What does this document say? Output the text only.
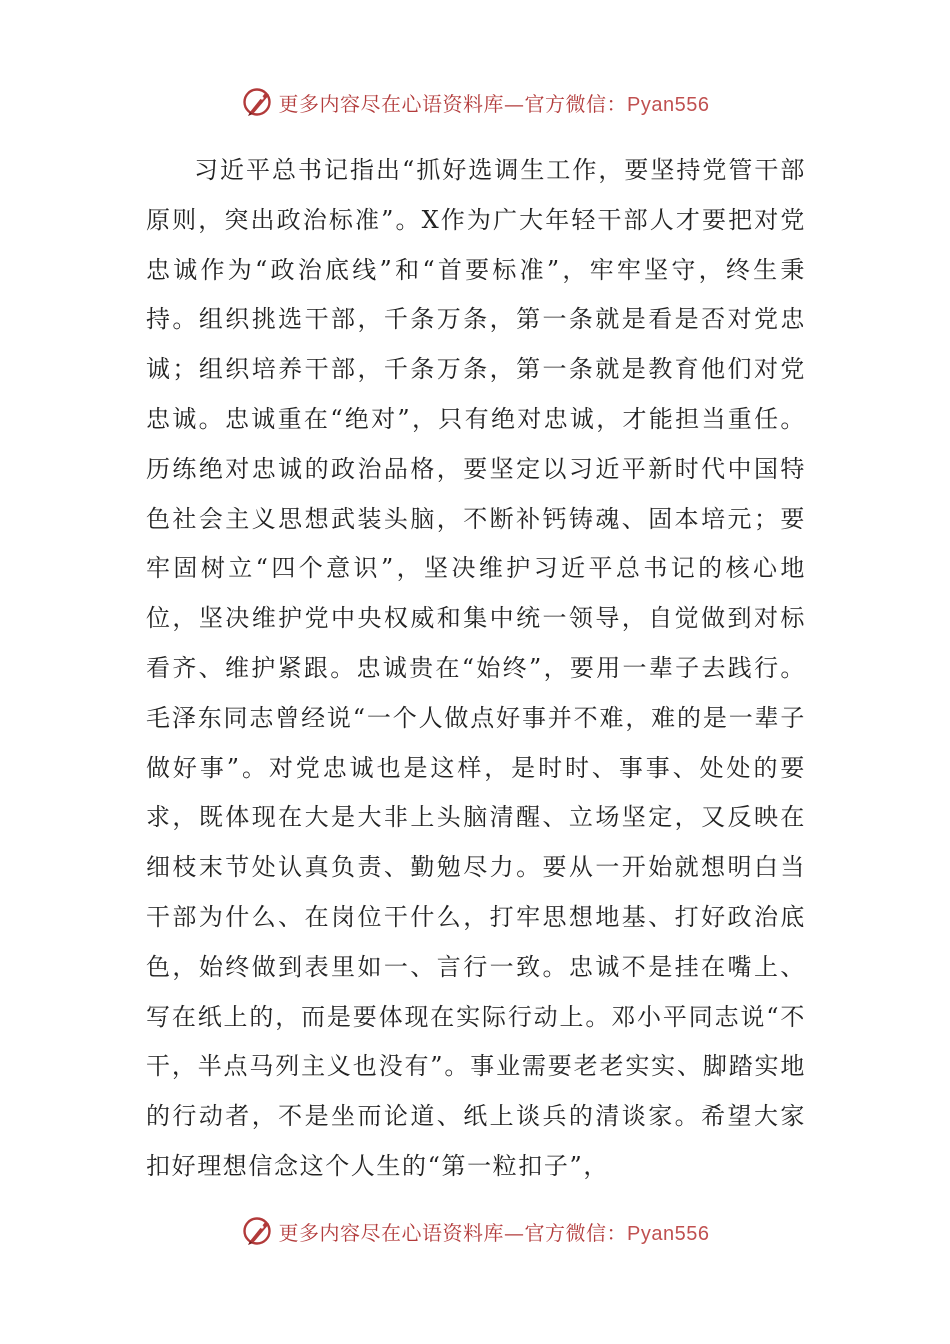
更多内容尽在心语资料库—官方微信：Pyan556

习近平总书记指出“抓好选调生工作，要坚持党管干部原则，突出政治标准”。X作为广大年轻干部人才要把对党忠诚作为“政治底线”和“首要标准”，牢牢坚守，终生秉持。组织挑选干部，千条万条，第一条就是看是否对党忠诚；组织培养干部，千条万条，第一条就是教育他们对党忠诚。忠诚重在“绝对”，只有绝对忠诚，才能担当重任。历练绝对忠诚的政治品格，要坚定以习近平新时代中国特色社会主义思想武装头脑，不断补钙铸魂、固本培元；要牢固树立“四个意识”，坚决维护习近平总书记的核心地位，坚决维护党中央权威和集中统一领导，自觉做到对标看齐、维护紧跟。忠诚贵在“始终”，要用一辈子去践行。毛泽东同志曾经说“一个人做点好事并不难，难的是一辈子做好事”。对党忠诚也是这样，是时时、事事、处处的要求，既体现在大是大非上头脑清醒、立场坚定，又反映在细枝末节处认真负责、勤勉尽力。要从一开始就想明白当干部为什么、在岗位干什么，打牢思想地基、打好政治底色，始终做到表里如一、言行一致。忠诚不是挂在嘴上、写在纸上的，而是要体现在实际行动上。邓小平同志说“不干，半点马列主义也没有”。事业需要老老实实、脚踏实地的行动者，不是坐而论道、纸上谈兵的清谈家。希望大家扣好理想信念这个人生的“第一粒扣子”，

更多内容尽在心语资料库—官方微信：Pyan556
